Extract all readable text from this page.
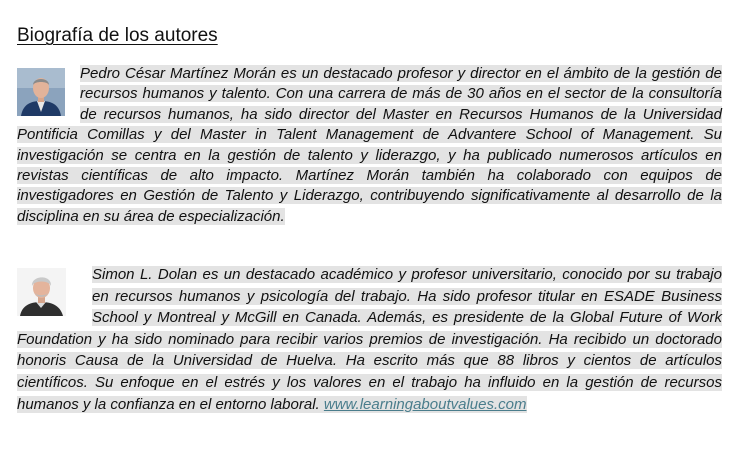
Biografía de los autores
Pedro César Martínez Morán es un destacado profesor y director en el ámbito de la gestión de recursos humanos y talento. Con una carrera de más de 30 años en el sector de la consultoría de recursos humanos, ha sido director del Master en Recursos Humanos de la Universidad Pontificia Comillas y del Master in Talent Management de Advantere School of Management. Su investigación se centra en la gestión de talento y liderazgo, y ha publicado numerosos artículos en revistas científicas de alto impacto. Martínez Morán también ha colaborado con equipos de investigadores en Gestión de Talento y Liderazgo, contribuyendo significativamente al desarrollo de la disciplina en su área de especialización.
Simon L. Dolan es un destacado académico y profesor universitario, conocido por su trabajo en recursos humanos y psicología del trabajo. Ha sido profesor titular en ESADE Business School y Montreal y McGill en Canada. Además, es presidente de la Global Future of Work Foundation y ha sido nominado para recibir varios premios de investigación. Ha recibido un doctorado honoris Causa de la Universidad de Huelva. Ha escrito más que 88 libros y cientos de artículos científicos. Su enfoque en el estrés y los valores en el trabajo ha influido en la gestión de recursos humanos y la confianza en el entorno laboral. www.learningaboutvalues.com
